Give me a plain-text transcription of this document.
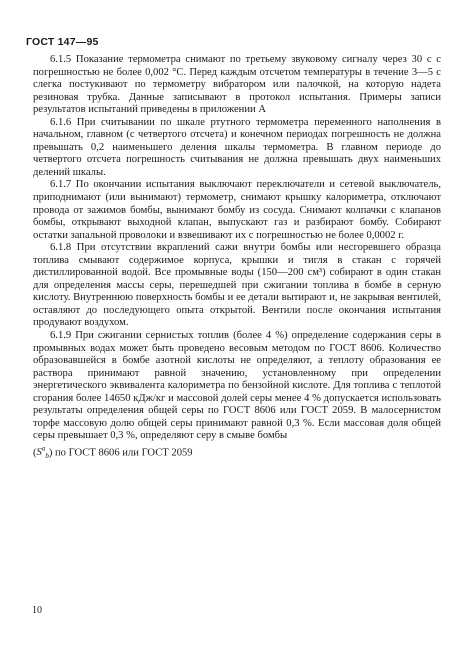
ГОСТ 147—95

6.1.5 Показание термометра снимают по третьему звуковому сигналу через 30 с с погрешностью не более 0,002 °С. Перед каждым отсчетом температуры в течение 3—5 с слегка постукивают по термометру вибратором или палочкой, на которую надета резиновая трубка. Данные записывают в протокол испытания. Примеры записи результатов испытаний приведены в приложении А

6.1.6 При считывании по шкале ртутного термометра переменного наполнения в начальном, главном (с четвертого отсчета) и конечном периодах погрешность не должна превышать 0,2 наименьшего деления шкалы термометра. В главном периоде до четвертого отсчета погрешность считывания не должна превышать двух наименьших делений шкалы.

6.1.7 По окончании испытания выключают переключатели и сетевой выключатель, приподнимают (или вынимают) термометр, снимают крышку калориметра, отключают провода от зажимов бомбы, вынимают бомбу из сосуда. Снимают колпачки с клапанов бомбы, открывают выходной клапан, выпускают газ и разбирают бомбу. Собирают остатки запальной проволоки и взвешивают их с погрешностью не более 0,0002 г.

6.1.8 При отсутствии вкраплений сажи внутри бомбы или несгоревшего образца топлива смывают содержимое корпуса, крышки и тигля в стакан с горячей дистиллированной водой. Все промывные воды (150—200 см³) собирают в один стакан для определения массы серы, перешедшей при сжигании топлива в бомбе в серную кислоту. Внутреннюю поверхность бомбы и ее детали вытирают и, не закрывая вентилей, оставляют до последующего опыта открытой. Вентили после окончания испытания продувают воздухом.

6.1.9 При сжигании сернистых топлив (более 4 %) определение содержания серы в промывных водах может быть проведено весовым методом по ГОСТ 8606. Количество образовавшейся в бомбе азотной кислоты не определяют, а теплоту образования ее раствора принимают равной значению, установленному при определении энергетического эквивалента калориметра по бензойной кислоте. Для топлива с теплотой сгорания более 14650 кДж/кг и массовой долей серы менее 4 % допускается использовать результаты определения общей серы по ГОСТ 8606 или ГОСТ 2059. В малосернистом торфе массовую долю общей серы принимают равной 0,3 %. Если массовая доля общей серы превышает 0,3 %, определяют серу в смыве бомбы

$(S^a_b)$ по ГОСТ 8606 или ГОСТ 2059

10
